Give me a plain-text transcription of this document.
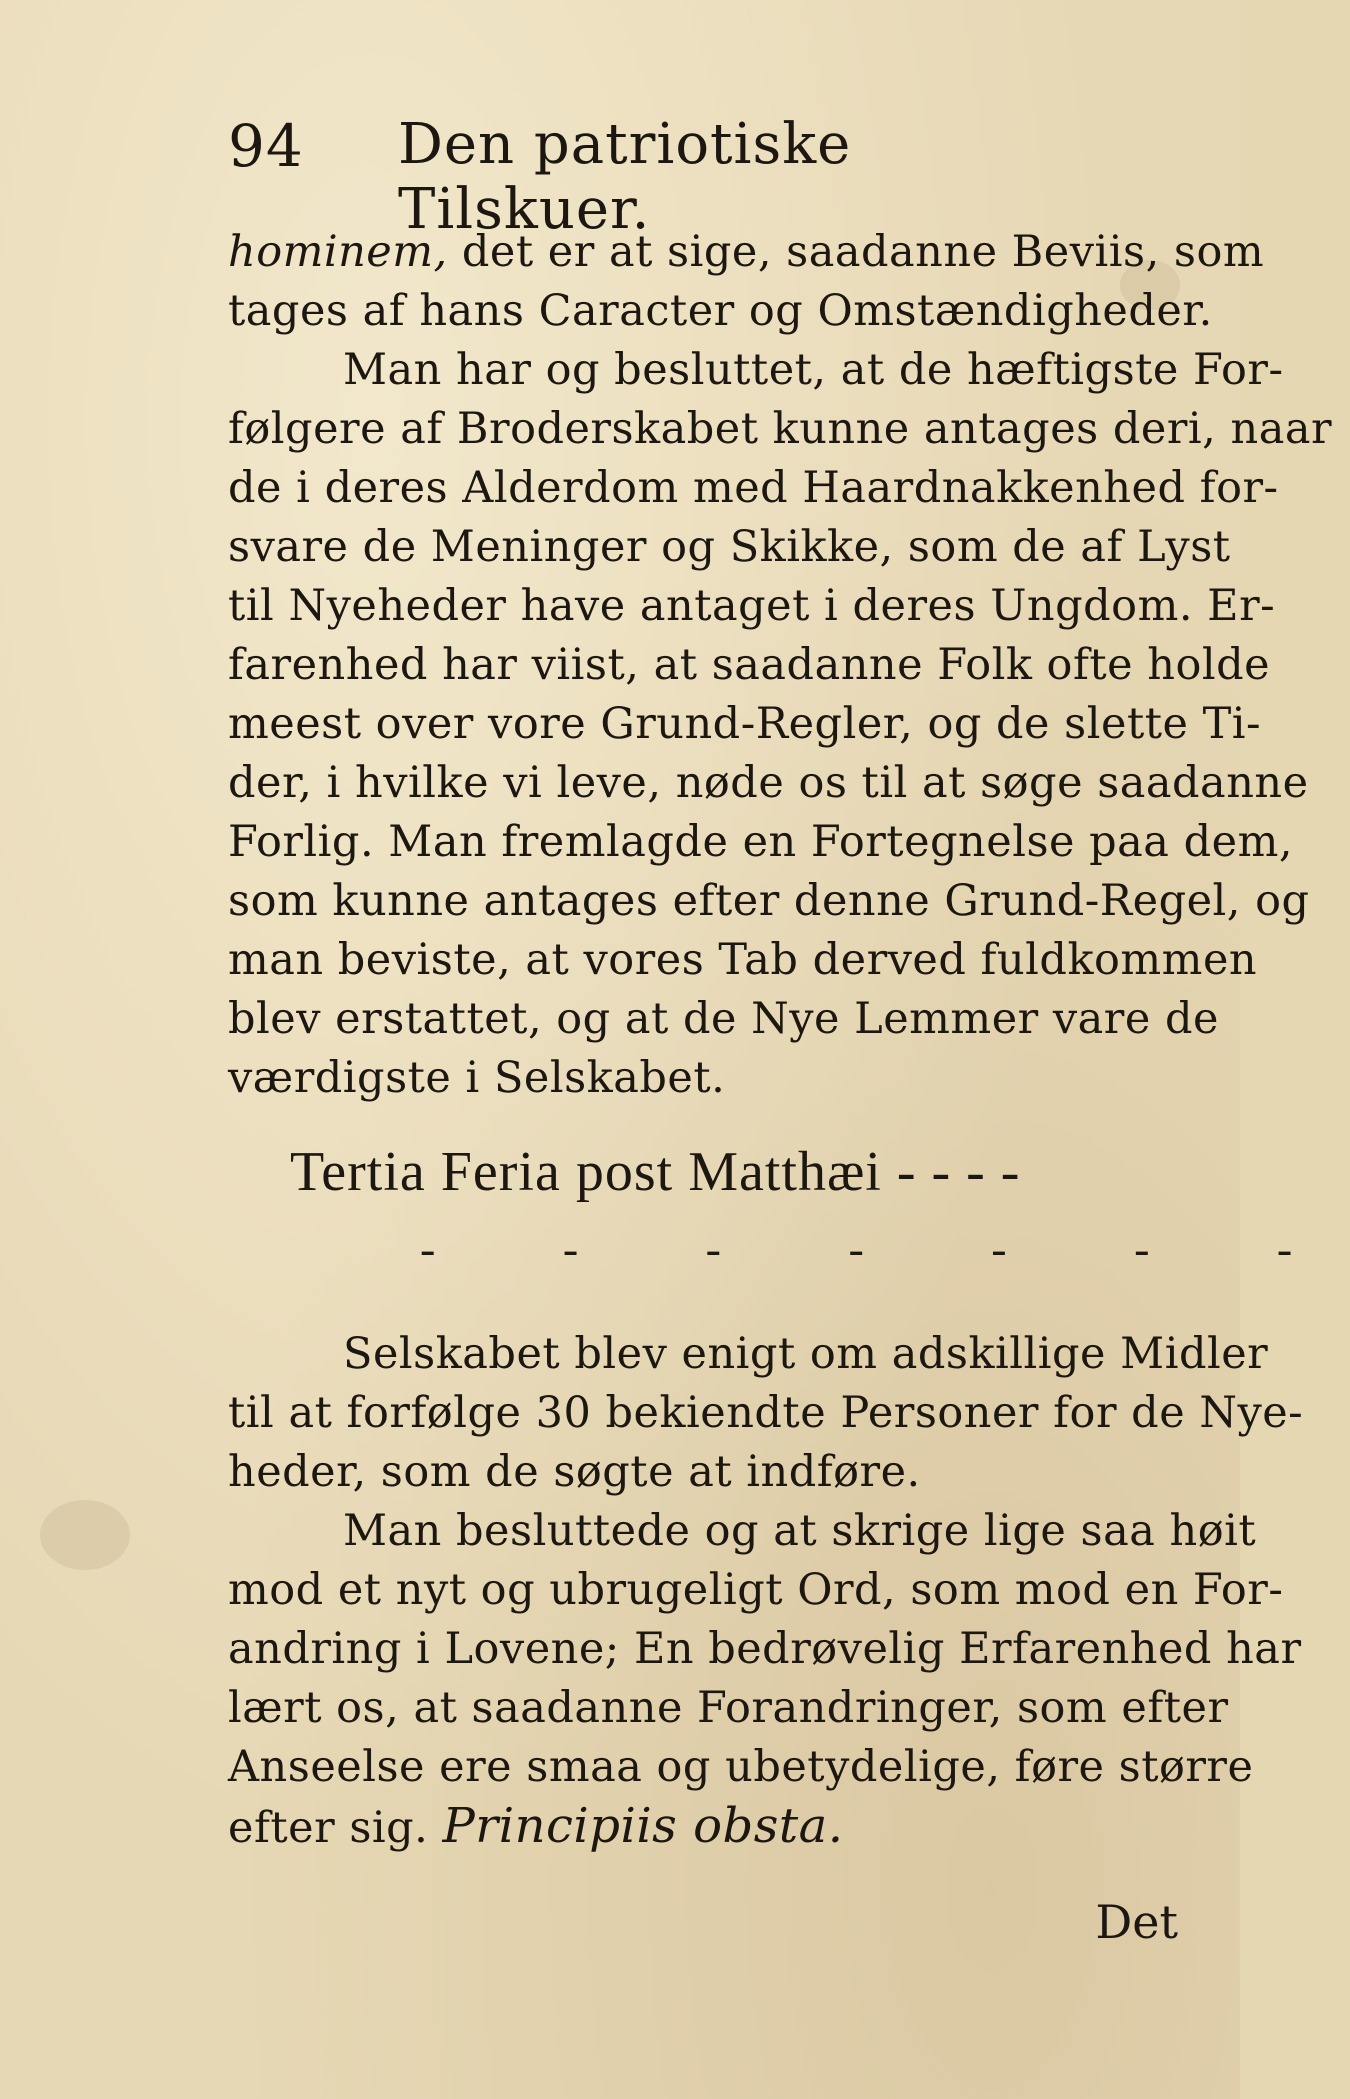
94 Den patriotiske Tilskuer.
hominem, det er at sige, saadanne Beviis, som
tages af hans Caracter og Omstændigheder.
Man har og besluttet, at de hæftigste For-
følgere af Broderskabet kunne antages deri, naar
de i deres Alderdom med Haardnakkenhed for-
svare de Meninger og Skikke, som de af Lyst
til Nyeheder have antaget i deres Ungdom. Er-
farenhed har viist, at saadanne Folk ofte holde
meest over vore Grund-Regler, og de slette Ti-
der, i hvilke vi leve, nøde os til at søge saadanne
Forlig. Man fremlagde en Fortegnelse paa dem,
som kunne antages efter denne Grund-Regel, og
man beviste, at vores Tab derved fuldkommen
blev erstattet, og at de Nye Lemmer vare de
værdigste i Selskabet.
Tertia Feria post Matthæi - - - -
- - - - - - -
Selskabet blev enigt om adskillige Midler
til at forfølge 30 bekiendte Personer for de Nye-
heder, som de søgte at indføre.
Man besluttede og at skrige lige saa høit
mod et nyt og ubrugeligt Ord, som mod en For-
andring i Lovene; En bedrøvelig Erfarenhed har
lært os, at saadanne Forandringer, som efter
Anseelse ere smaa og ubetydelige, føre større
efter sig. Principiis obsta.
Det
